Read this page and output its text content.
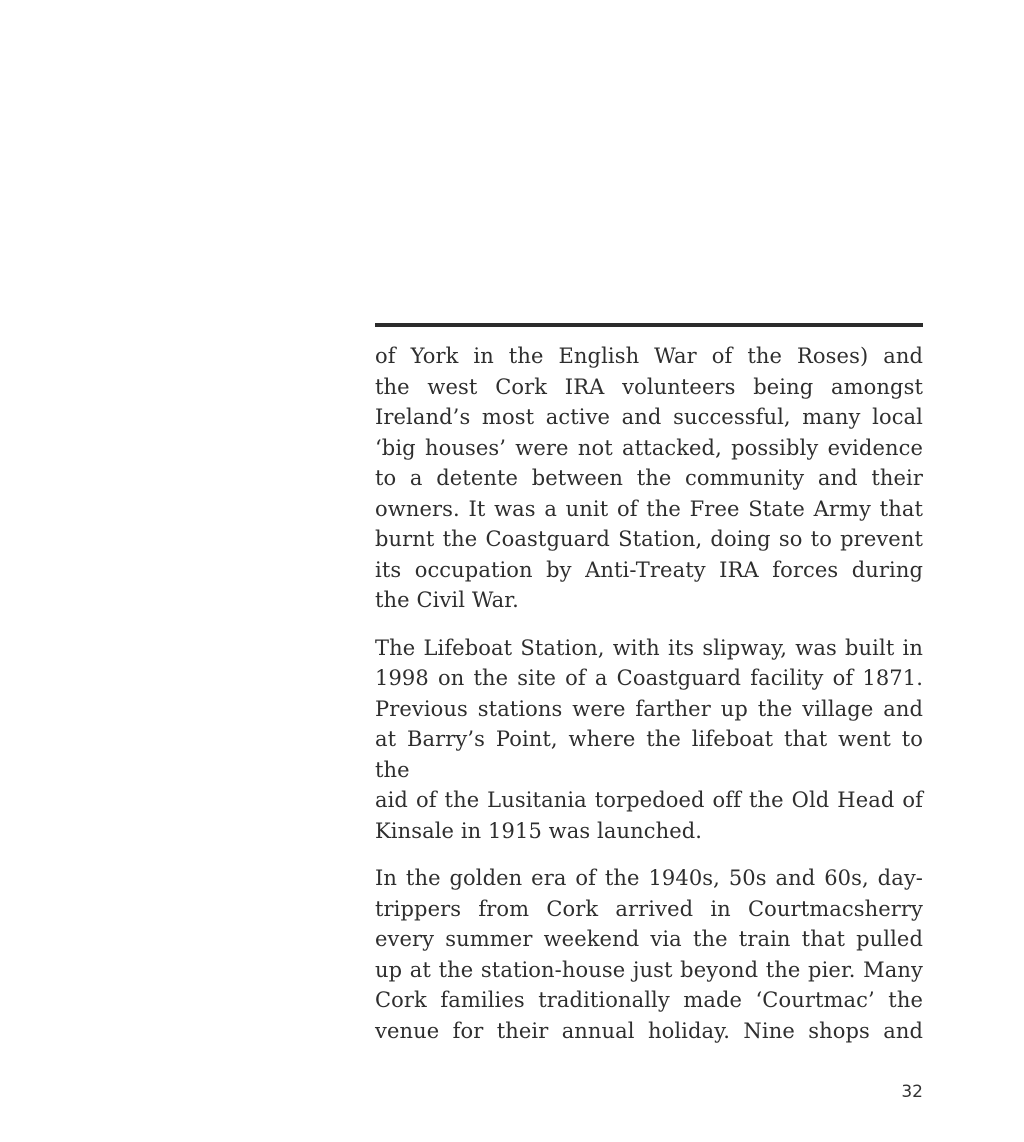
of York in the English War of the Roses) and
the west Cork IRA volunteers being amongst
Ireland’s most active and successful, many local
‘big houses’ were not attacked, possibly evidence
to a detente between the community and their
owners. It was a unit of the Free State Army that
burnt the Coastguard Station, doing so to prevent
its occupation by Anti-Treaty IRA forces during
the Civil War.
The Lifeboat Station, with its slipway, was built in
1998 on the site of a Coastguard facility of 1871.
Previous stations were farther up the village and
at Barry’s Point, where the lifeboat that went to the
aid of the Lusitania torpedoed off the Old Head of
Kinsale in 1915 was launched.
In the golden era of the 1940s, 50s and 60s, day-
trippers from Cork arrived in Courtmacsherry
every summer weekend via the train that pulled
up at the station-house just beyond the pier. Many
Cork families traditionally made ‘Courtmac’ the
venue for their annual holiday. Nine shops and
32
